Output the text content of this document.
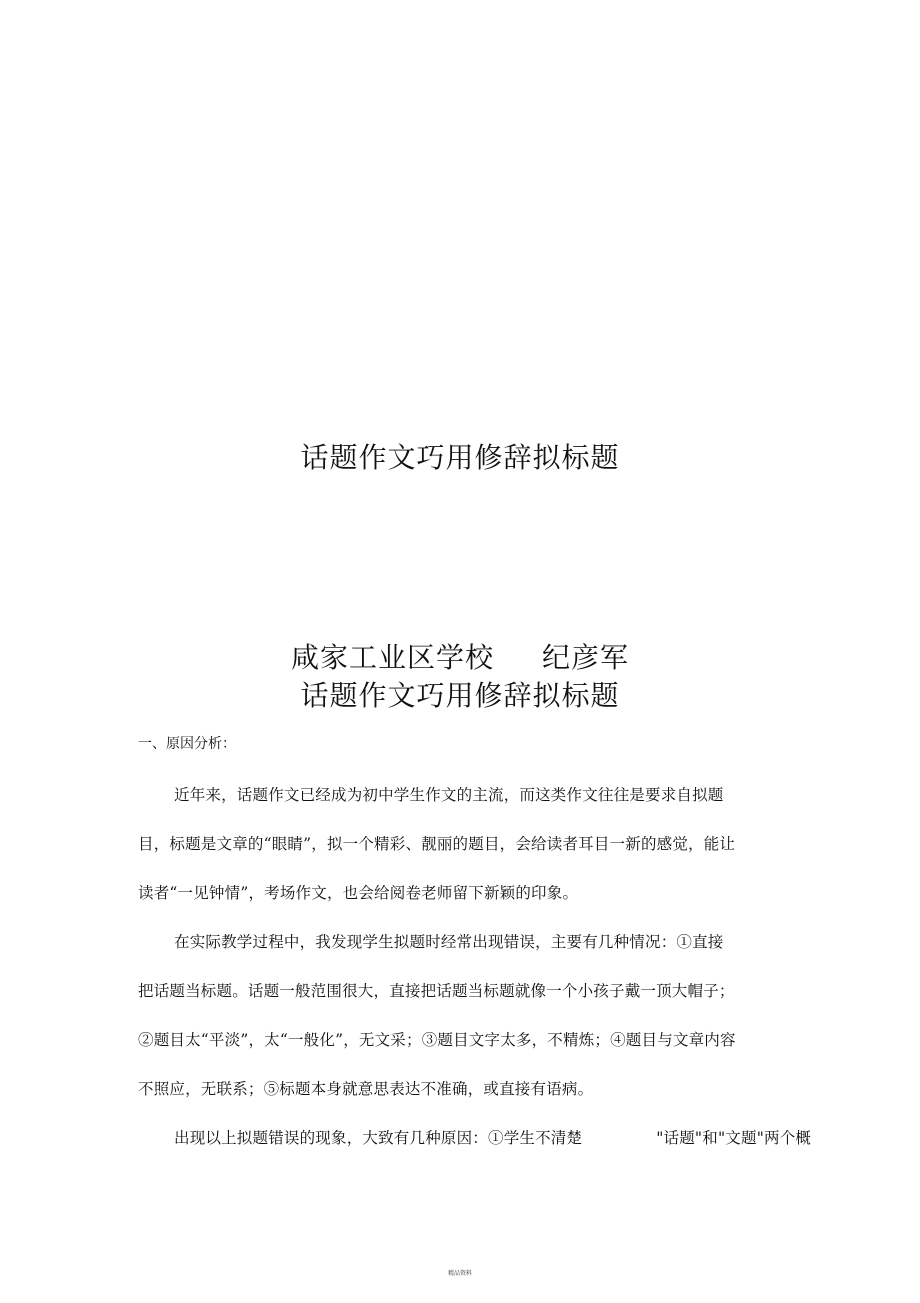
话题作文巧用修辞拟标题
咸家工业区学校 纪彦军
话题作文巧用修辞拟标题
一、原因分析：
近年来，话题作文已经成为初中学生作文的主流，而这类作文往往是要求自拟题
目，标题是文章的“眼睛”，拟一个精彩、靓丽的题目，会给读者耳目一新的感觉，能让
读者“一见钟情”，考场作文，也会给阅卷老师留下新颖的印象。
在实际教学过程中，我发现学生拟题时经常出现错误，主要有几种情况：①直接
把话题当标题。话题一般范围很大，直接把话题当标题就像一个小孩子戴一顶大帽子；
②题目太“平淡”，太“一般化”，无文采；③题目文字太多，不精炼；④题目与文章内容
不照应，无联系；⑤标题本身就意思表达不准确，或直接有语病。
出现以上拟题错误的现象，大致有几种原因：①学生不清楚	"话题"和"文题"两个概
精品资料
